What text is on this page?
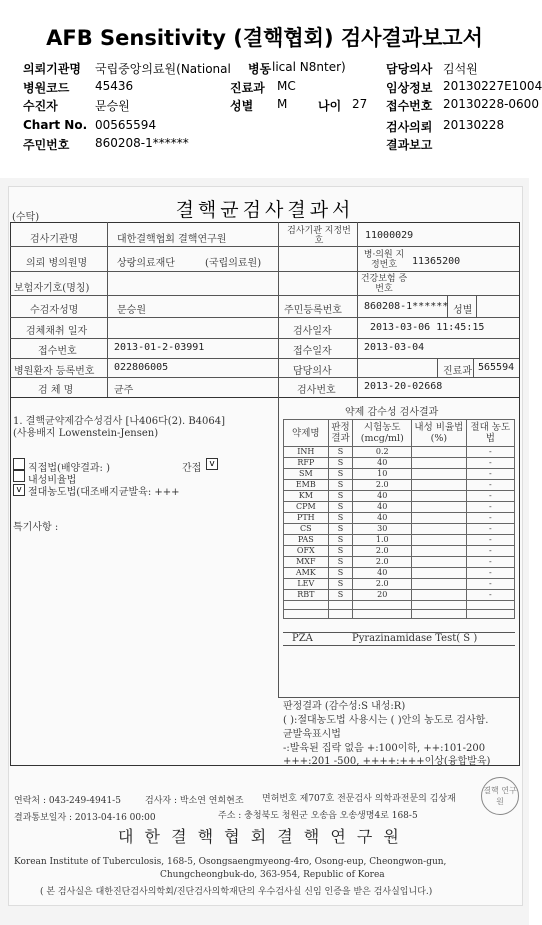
AFB Sensitivity (결핵협회) 검사결과보고서
의뢰기관명 국립중앙의료원(National 병동 lical N8nter)	담당의사 김석원
병원코드 45436	진료과 MC	임상정보 20130227E1004
수진자	문승원	성별 M	나이 27 접수번호 20130228-0600
Chart No. 00565594	검사의뢰 20130228
주민번호 860208-1******	결과보고
(수탁)	결핵균검사결과서
검사기관명	대한결핵협회 결핵연구원
검사기관 지정번호	11000029
의뢰 병의원명	상랑의료재단	(국립의료원)
병·의원 지정번호	11365200
보험자기호(명칭)
건강보험 증번호
수검자성명	문승원	주민등록번호 860208-1****** 성별
검체채취 일자	검사일자	2013-03-06 11:45:15
접수번호	2013-01-2-03991	접수일자	2013-03-04
병원환자 등록번호 022806005	담당의사	진료과 565594
검 체 명	균주	검사번호	2013-20-02668
1. 결핵균약제감수성검사 [나406다(2). B4064]
(사용배지 Lowenstein-Jensen)
직접법(배양결과: )	간접 v
내성비율법
v 절대농도법(대조배지균발육: +++
특기사항 :
약제 감수성 검사결과
약제명	판정 결과	시험농도 (mcg/ml)	내성 비율법(%)	절대 농도법
INH	S	0.2		-
RFP	S	40		-
SM	S	10		-
EMB	S	2.0		-
KM	S	40		-
CPM	S	40		-
PTH	S	40		-
CS	S	30		-
PAS	S	1.0		-
OFX	S	2.0		-
MXF	S	2.0		-
AMK	S	40		-
LEV	S	2.0		-
RBT	S	20		-

PZA	Pyrazinamidase Test( S )
판정결과 (감수성:S 내성:R)
( ):절대농도법 사용시는 ( )안의 농도로 검사함.
균발육표시법
-:발육된 집락 없음 +:100이하, ++:101-200
+++:201 -500, ++++:+++이상(융합발육)
연락처 : 043-249-4941-5	검사자 : 박소연 연희현조 면허번호 제707호 전문검사 의학과전문의 김상재
결과통보일자 : 2013-04-16 00:00	주소 : 충청북도 청원군 오송읍 오송생명4로 168-5
대 한 결 핵 협 회 결 핵 연 구 원
Korean Institute of Tuberculosis, 168-5, Osongsaengmyeong-4ro, Osong-eup, Cheongwon-gun,
Chungcheongbuk-do, 363-954, Republic of Korea
( 본 검사실은 대한진단검사의학회/진단검사의학재단의 우수검사실 신임 인증을 받은 검사실입니다.)
결핵 연구원
